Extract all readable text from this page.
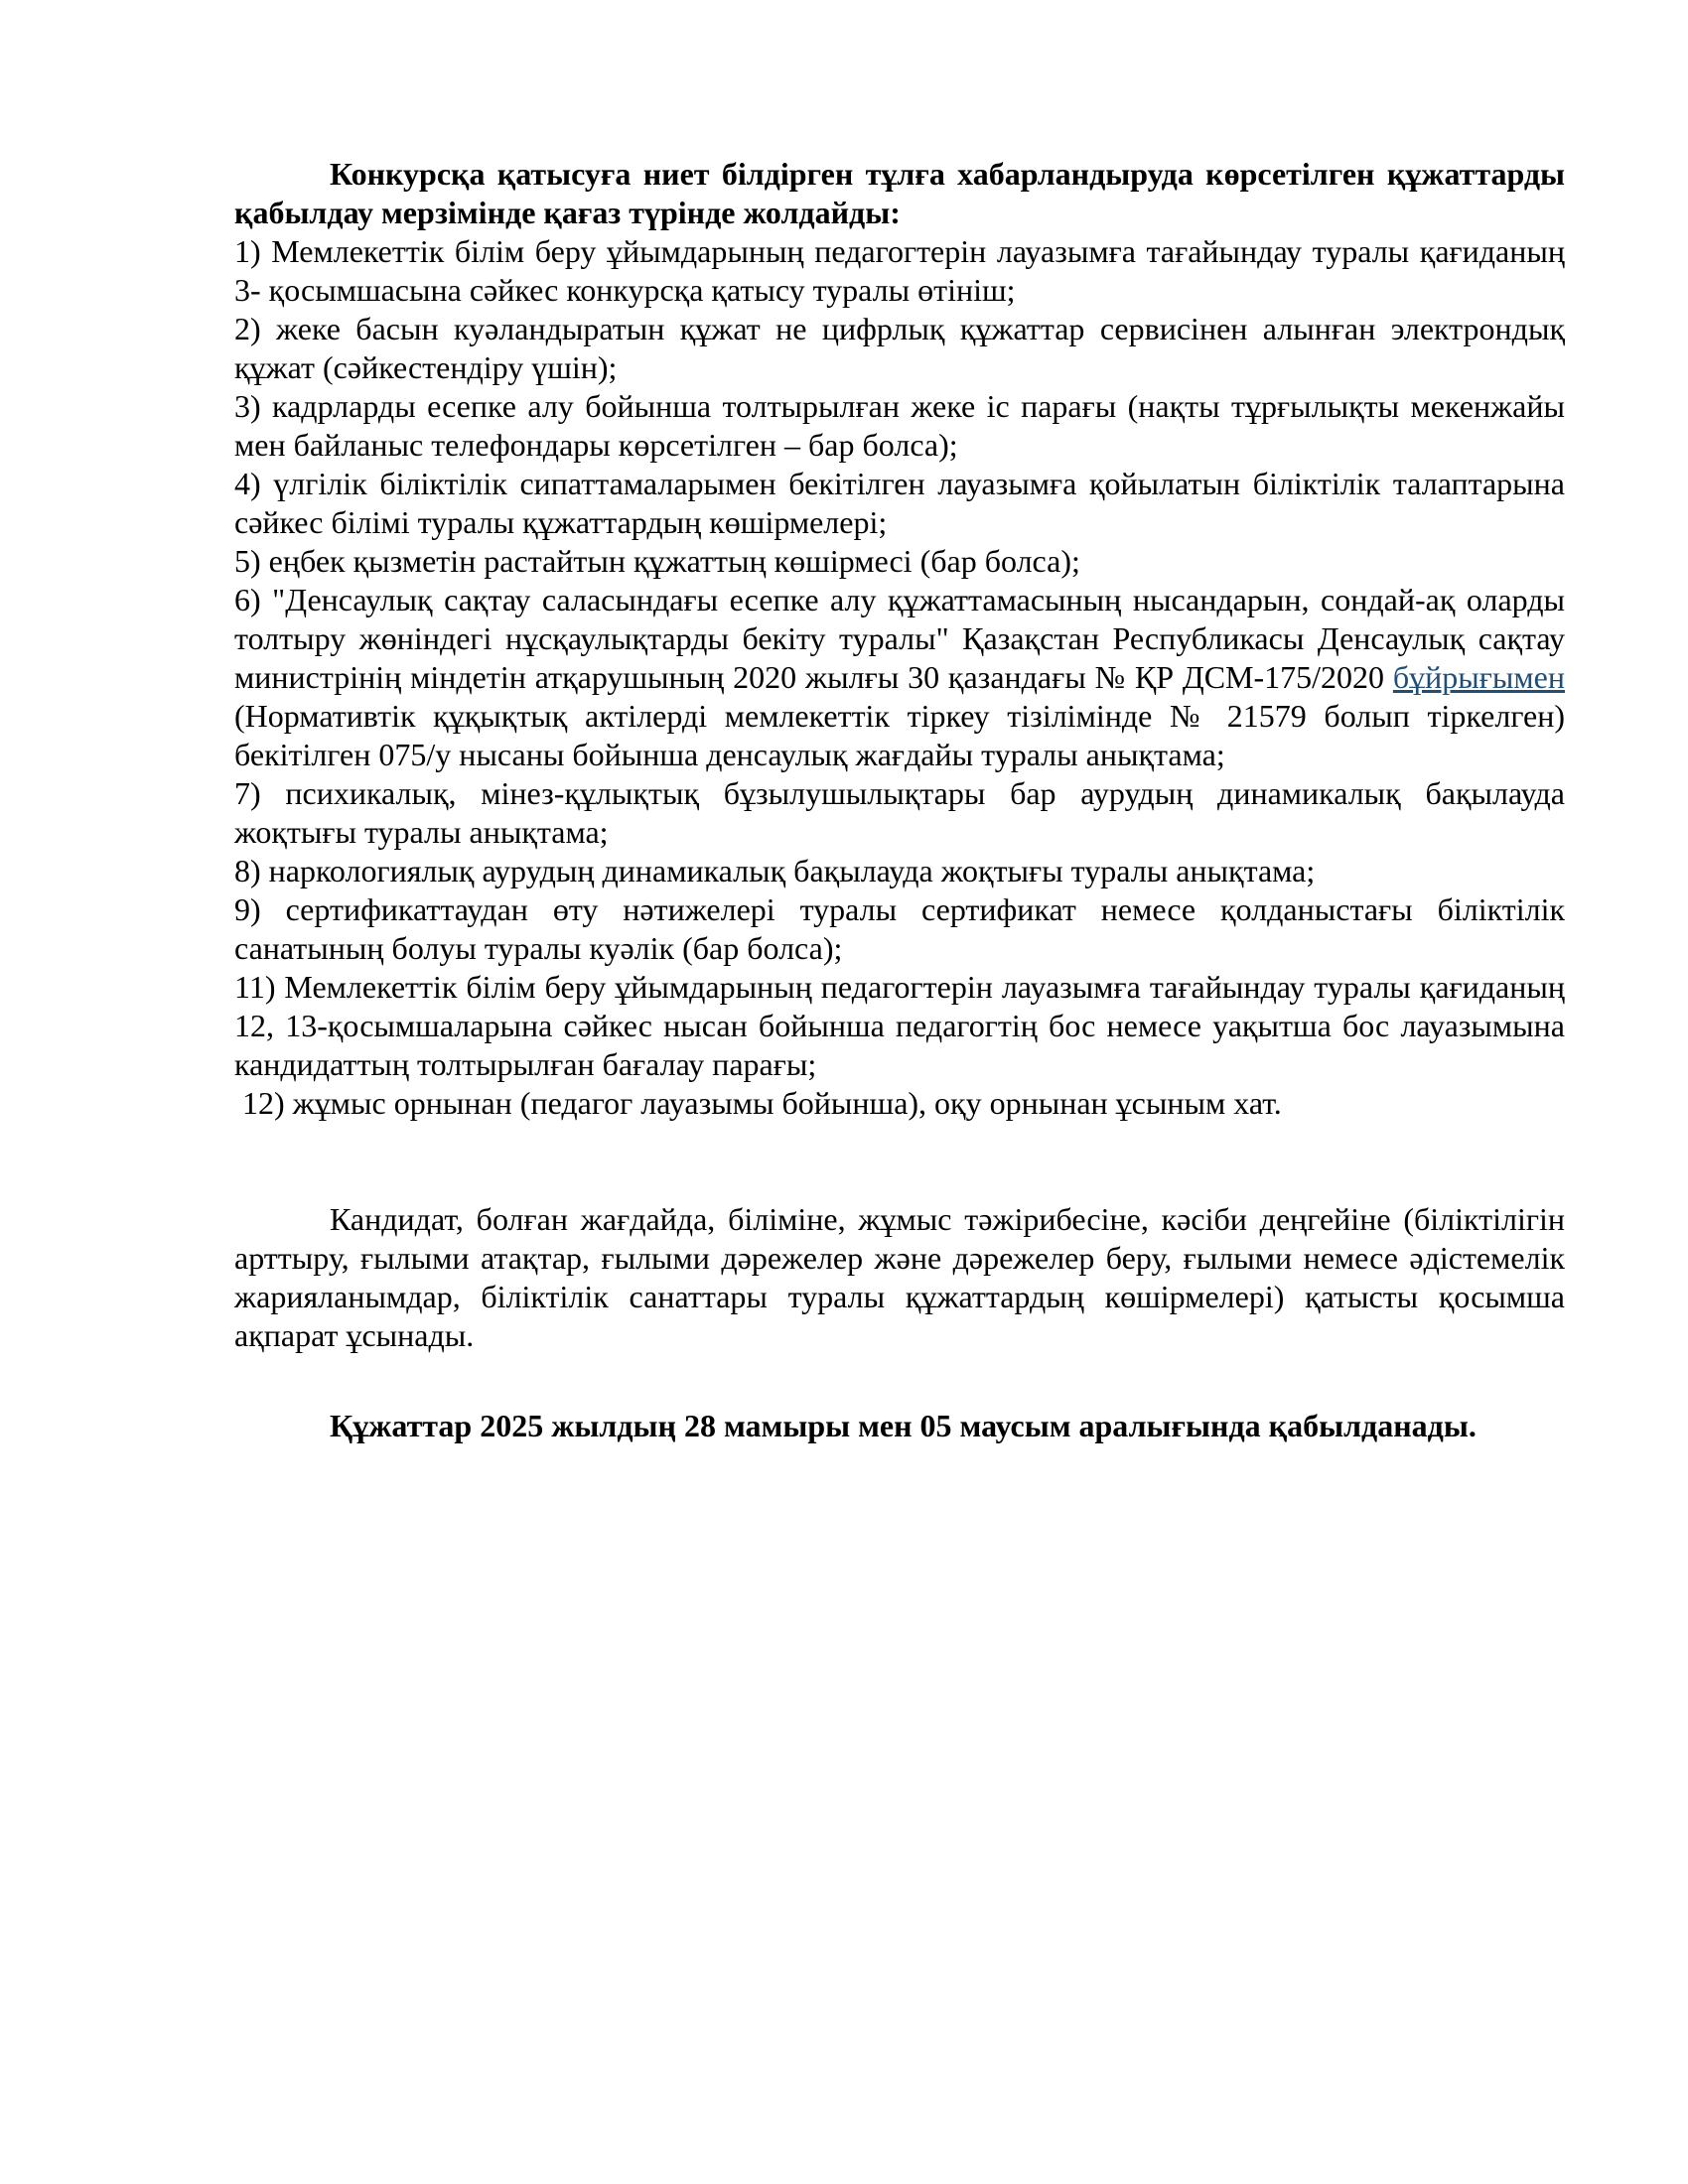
Конкурсқа қатысуға ниет білдірген тұлға хабарландыруда көрсетілген құжаттарды қабылдау мерзімінде қағаз түрінде жолдайды:

1) Мемлекеттік білім беру ұйымдарының педагогтерін лауазымға тағайындау туралы қағиданың 3- қосымшасына сәйкес конкурсқа қатысу туралы өтініш;

2) жеке басын куәландыратын құжат не цифрлық құжаттар сервисінен алынған электрондық құжат (сәйкестендіру үшін);

3) кадрларды есепке алу бойынша толтырылған жеке іс парағы (нақты тұрғылықты мекенжайы мен байланыс телефондары көрсетілген – бар болса);

4) үлгілік біліктілік сипаттамаларымен бекітілген лауазымға қойылатын біліктілік талаптарына сәйкес білімі туралы құжаттардың көшірмелері;

5) еңбек қызметін растайтын құжаттың көшірмесі (бар болса);

6) "Денсаулық сақтау саласындағы есепке алу құжаттамасының нысандарын, сондай-ақ оларды толтыру жөніндегі нұсқаулықтарды бекіту туралы" Қазақстан Республикасы Денсаулық сақтау министрінің міндетін атқарушының 2020 жылғы 30 қазандағы № ҚР ДСМ-175/2020 бұйрығымен (Нормативтік құқықтық актілерді мемлекеттік тіркеу тізілімінде № 21579 болып тіркелген) бекітілген 075/у нысаны бойынша денсаулық жағдайы туралы анықтама;

7) психикалық, мінез-құлықтық бұзылушылықтары бар аурудың динамикалық бақылауда жоқтығы туралы анықтама;

8) наркологиялық аурудың динамикалық бақылауда жоқтығы туралы анықтама;

9) сертификаттаудан өту нәтижелері туралы сертификат немесе қолданыстағы біліктілік санатының болуы туралы куәлік (бар болса);

11) Мемлекеттік білім беру ұйымдарының педагогтерін лауазымға тағайындау туралы қағиданың 12, 13-қосымшаларына сәйкес нысан бойынша педагогтің бос немесе уақытша бос лауазымына кандидаттың толтырылған бағалау парағы;

12) жұмыс орнынан (педагог лауазымы бойынша), оқу орнынан ұсыным хат.

Кандидат, болған жағдайда, біліміне, жұмыс тәжірибесіне, кәсіби деңгейіне (біліктілігін арттыру, ғылыми атақтар, ғылыми дәрежелер және дәрежелер беру, ғылыми немесе әдістемелік жарияланымдар, біліктілік санаттары туралы құжаттардың көшірмелері) қатысты қосымша ақпарат ұсынады.

Құжаттар 2025 жылдың 28 мамыры мен 05 маусым аралығында қабылданады.
